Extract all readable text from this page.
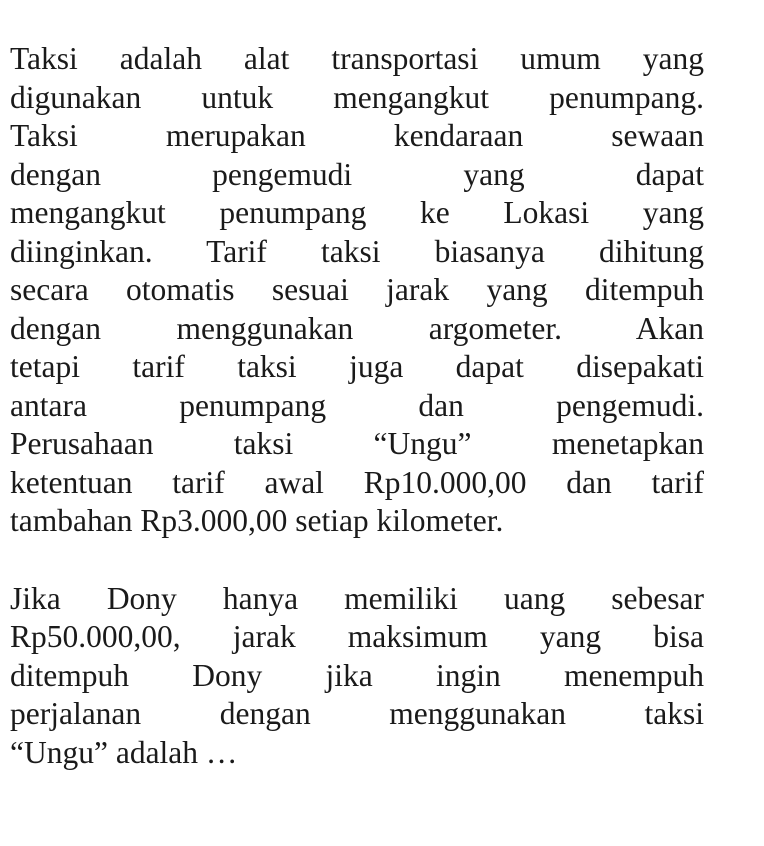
Taksi adalah alat transportasi umum yang
digunakan untuk mengangkut penumpang.
Taksi merupakan kendaraan sewaan
dengan pengemudi yang dapat
mengangkut penumpang ke Lokasi yang
diinginkan. Tarif taksi biasanya dihitung
secara otomatis sesuai jarak yang ditempuh
dengan menggunakan argometer. Akan
tetapi tarif taksi juga dapat disepakati
antara penumpang dan pengemudi.
Perusahaan taksi “Ungu” menetapkan
ketentuan tarif awal Rp10.000,00 dan tarif
tambahan Rp3.000,00 setiap kilometer.
Jika Dony hanya memiliki uang sebesar
Rp50.000,00, jarak maksimum yang bisa
ditempuh Dony jika ingin menempuh
perjalanan dengan menggunakan taksi
“Ungu” adalah …
